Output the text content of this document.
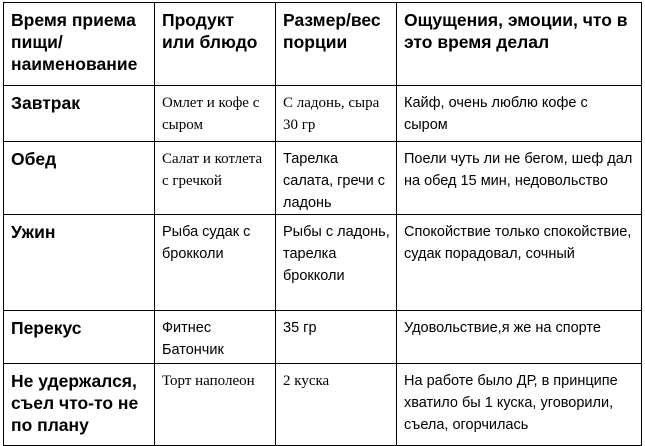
Время приема пищи/ наименование	Продукт или блюдо	Размер/вес порции	Ощущения, эмоции, что в это время делал
Завтрак	Омлет и кофе с сыром	С ладонь, сыра 30 гр	Кайф, очень люблю кофе с сыром
Обед	Салат и котлета с гречкой	Тарелка салата, гречи с ладонь	Поели чуть ли не бегом, шеф дал на обед 15 мин, недовольство
Ужин	Рыба судак с брокколи	Рыбы с ладонь, тарелка брокколи	Спокойствие только спокойствие, судак порадовал, сочный
Перекус	Фитнес Батончик	35 гр	Удовольствие,я же на спорте
Не удержался, съел что-то не по плану	Торт наполеон	2 куска	На работе было ДР, в принципе хватило бы 1 куска, уговорили, съела, огорчилась
